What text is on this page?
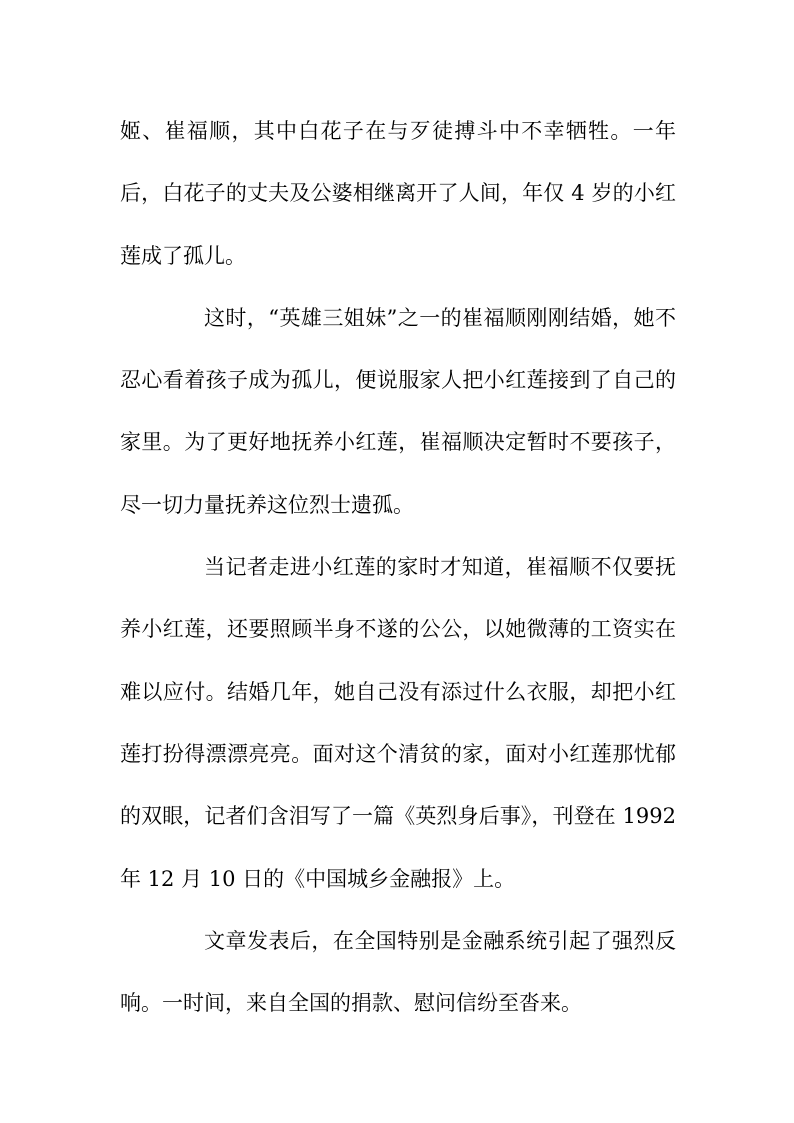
姬、崔福顺，其中白花子在与歹徒搏斗中不幸牺牲。一年后，白花子的丈夫及公婆相继离开了人间，年仅 4 岁的小红莲成了孤儿。

这时，“英雄三姐妹”之一的崔福顺刚刚结婚，她不忍心看着孩子成为孤儿，便说服家人把小红莲接到了自己的家里。为了更好地抚养小红莲，崔福顺决定暂时不要孩子，尽一切力量抚养这位烈士遗孤。

当记者走进小红莲的家时才知道，崔福顺不仅要抚养小红莲，还要照顾半身不遂的公公，以她微薄的工资实在难以应付。结婚几年，她自己没有添过什么衣服，却把小红莲打扮得漂漂亮亮。面对这个清贫的家，面对小红莲那忧郁的双眼，记者们含泪写了一篇《英烈身后事》，刊登在 1992 年 12 月 10 日的《中国城乡金融报》上。

文章发表后，在全国特别是金融系统引起了强烈反响。一时间，来自全国的捐款、慰问信纷至沓来。
